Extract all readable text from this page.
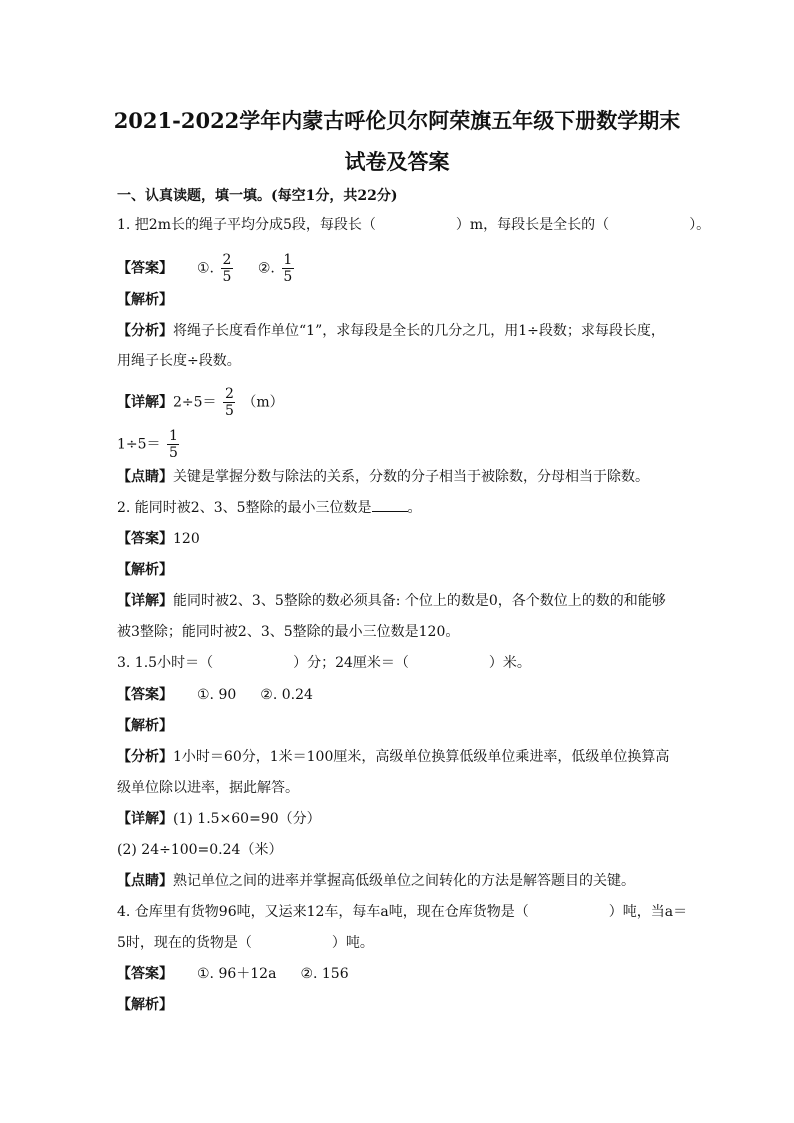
2021-2022学年内蒙古呼伦贝尔阿荣旗五年级下册数学期末
试卷及答案
一、认真读题，填一填。(每空1分，共22分)
1. 把2m长的绳子平均分成5段，每段长（	）m，每段长是全长的（	）。
【答案】 ①. $\frac{2}{5}$ ②. $\frac{1}{5}$
【解析】
【分析】将绳子长度看作单位“1”，求每段是全长的几分之几，用1÷段数；求每段长度，
用绳子长度÷段数。
【详解】$2\div 5= \frac{2}{5} (m)$
$1\div 5= \frac{1}{5}$
【点睛】关键是掌握分数与除法的关系，分数的分子相当于被除数，分母相当于除数。
2. 能同时被2、3、5整除的最小三位数是	。
【答案】120
【解析】
【详解】能同时被2、3、5整除的数必须具备: 个位上的数是0，各个数位上的数的和能够
被3整除；能同时被2、3、5整除的最小三位数是120。
3. 1.5小时＝（	）分；24厘米＝（	）米。
【答案】 ①. 90 ②. 0.24
【解析】
【分析】1小时＝60分，1米＝100厘米，高级单位换算低级单位乘进率，低级单位换算高
级单位除以进率，据此解答。
【详解】(1) 1.5×60=90（分）
(2) 24÷100=0.24（米）
【点睛】熟记单位之间的进率并掌握高低级单位之间转化的方法是解答题目的关键。
4. 仓库里有货物96吨，又运来12车，每车a吨，现在仓库货物是（	）吨，当a＝
5时，现在的货物是（	）吨。
【答案】 ①. 96＋12a ②. 156
【解析】
